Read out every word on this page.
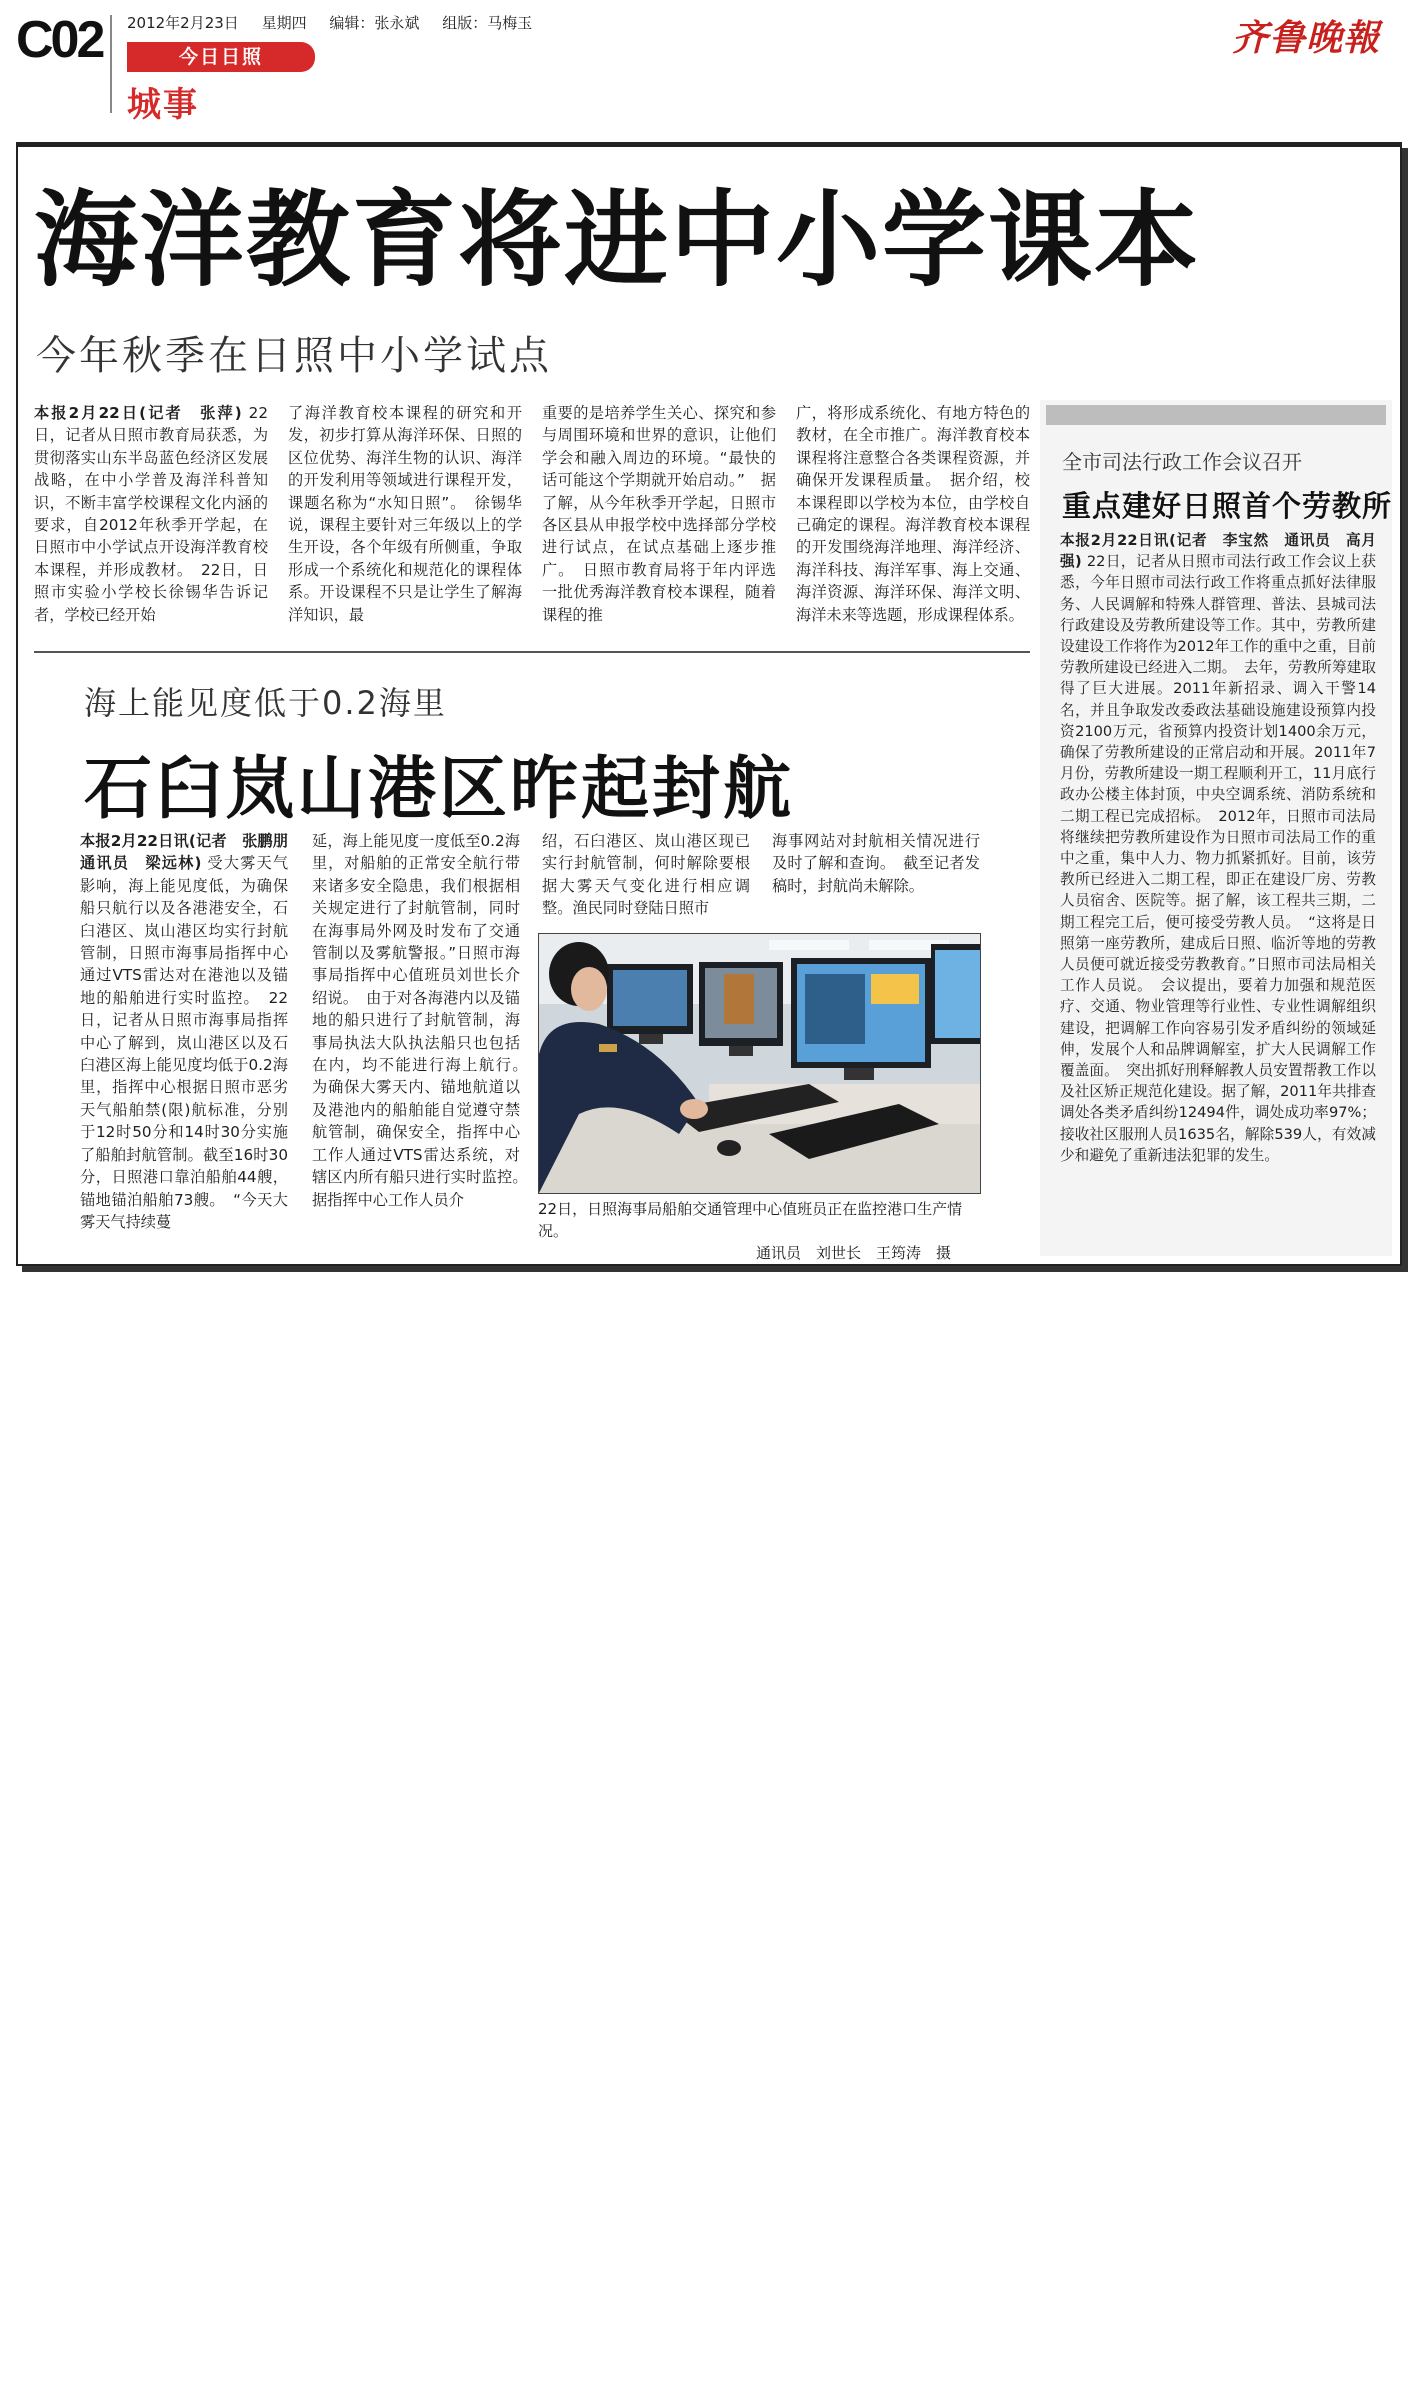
C02 2012年2月23日 星期四 编辑：张永斌 组版：马梅玉
今日日照
城事
齐鲁晚報
海洋教育将进中小学课本
今年秋季在日照中小学试点
本报2月22日(记者　张萍) 22日，记者从日照市教育局获悉，为贯彻落实山东半岛蓝色经济区发展战略，在中小学普及海洋科普知识，不断丰富学校课程文化内涵的要求，自2012年秋季开学起，在日照市中小学试点开设海洋教育校本课程，并形成教材。　22日，日照市实验小学校长徐锡华告诉记者，学校已经开始
了海洋教育校本课程的研究和开发，初步打算从海洋环保、日照的区位优势、海洋生物的认识、海洋的开发利用等领域进行课程开发，课题名称为“水知日照”。　徐锡华说，课程主要针对三年级以上的学生开设，各个年级有所侧重，争取形成一个系统化和规范化的课程体系。开设课程不只是让学生了解海洋知识，最
重要的是培养学生关心、探究和参与周围环境和世界的意识，让他们学会和融入周边的环境。“最快的话可能这个学期就开始启动。”　据了解，从今年秋季开学起，日照市各区县从申报学校中选择部分学校进行试点，在试点基础上逐步推广。　日照市教育局将于年内评选一批优秀海洋教育校本课程，随着课程的推
广，将形成系统化、有地方特色的教材，在全市推广。海洋教育校本课程将注意整合各类课程资源，并确保开发课程质量。　据介绍，校本课程即以学校为本位，由学校自己确定的课程。海洋教育校本课程的开发围绕海洋地理、海洋经济、海洋科技、海洋军事、海上交通、海洋资源、海洋环保、海洋文明、海洋未来等选题，形成课程体系。
海上能见度低于0.2海里
石臼岚山港区昨起封航
本报2月22日讯(记者　张鹏朋　通讯员　梁远林) 受大雾天气影响，海上能见度低，为确保船只航行以及各港港安全，石臼港区、岚山港区均实行封航管制，日照市海事局指挥中心通过VTS雷达对在港池以及锚地的船舶进行实时监控。　22日，记者从日照市海事局指挥中心了解到，岚山港区以及石臼港区海上能见度均低于0.2海里，指挥中心根据日照市恶劣天气船舶禁(限)航标准，分别于12时50分和14时30分实施了船舶封航管制。截至16时30分，日照港口靠泊船舶44艘，锚地锚泊船舶73艘。　“今天大雾天气持续蔓
延，海上能见度一度低至0.2海里，对船舶的正常安全航行带来诸多安全隐患，我们根据相关规定进行了封航管制，同时在海事局外网及时发布了交通管制以及雾航警报。”日照市海事局指挥中心值班员刘世长介绍说。　由于对各海港内以及锚地的船只进行了封航管制，海事局执法大队执法船只也包括在内，均不能进行海上航行。　为确保大雾天内、锚地航道以及港池内的船舶能自觉遵守禁航管制，确保安全，指挥中心工作人通过VTS雷达系统，对辖区内所有船只进行实时监控。　据指挥中心工作人员介
绍，石臼港区、岚山港区现已实行封航管制，何时解除要根据大雾天气变化进行相应调整。渔民同时登陆日照市
海事网站对封航相关情况进行及时了解和查询。　截至记者发稿时，封航尚未解除。
22日，日照海事局船舶交通管理中心值班员正在监控港口生产情况。

通讯员　刘世长　王筠涛　摄
全市司法行政工作会议召开
重点建好日照首个劳教所
本报2月22日讯(记者　李宝然　通讯员　高月强) 22日，记者从日照市司法行政工作会议上获悉，今年日照市司法行政工作将重点抓好法律服务、人民调解和特殊人群管理、普法、县城司法行政建设及劳教所建设等工作。其中，劳教所建设建设工作将作为2012年工作的重中之重，目前劳教所建设已经进入二期。　去年，劳教所筹建取得了巨大进展。2011年新招录、调入干警14名，并且争取发改委政法基础设施建设预算内投资2100万元，省预算内投资计划1400余万元，确保了劳教所建设的正常启动和开展。2011年7月份，劳教所建设一期工程顺利开工，11月底行政办公楼主体封顶，中央空调系统、消防系统和二期工程已完成招标。　2012年，日照市司法局将继续把劳教所建设作为日照市司法局工作的重中之重，集中人力、物力抓紧抓好。目前，该劳教所已经进入二期工程，即正在建设厂房、劳教人员宿舍、医院等。据了解，该工程共三期，二期工程完工后，便可接受劳教人员。　“这将是日照第一座劳教所，建成后日照、临沂等地的劳教人员便可就近接受劳教教育。”日照市司法局相关工作人员说。　会议提出，要着力加强和规范医疗、交通、物业管理等行业性、专业性调解组织建设，把调解工作向容易引发矛盾纠纷的领域延伸，发展个人和品牌调解室，扩大人民调解工作覆盖面。　突出抓好刑释解教人员安置帮教工作以及社区矫正规范化建设。据了解，2011年共排查调处各类矛盾纠纷12494件，调处成功率97%；接收社区服刑人员1635名，解除539人，有效减少和避免了重新违法犯罪的发生。
